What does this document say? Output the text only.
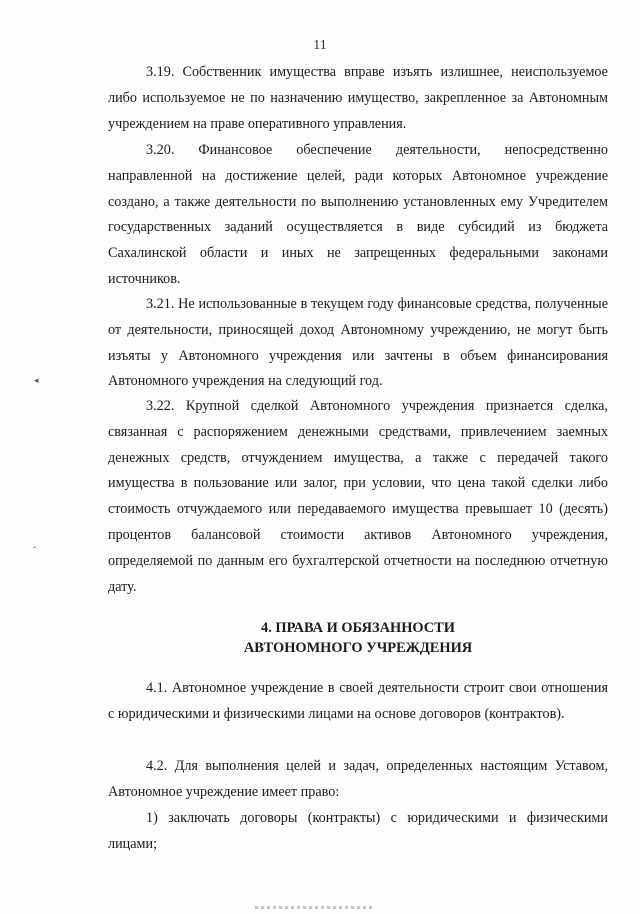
11

3.19. Собственник имущества вправе изъять излишнее, неиспользуемое либо используемое не по назначению имущество, закрепленное за Автономным учреждением на праве оперативного управления.

3.20. Финансовое обеспечение деятельности, непосредственно направленной на достижение целей, ради которых Автономное учреждение создано, а также деятельности по выполнению установленных ему Учредителем государственных заданий осуществляется в виде субсидий из бюджета Сахалинской области и иных не запрещенных федеральными законами источников.

3.21. Не использованные в текущем году финансовые средства, полученные от деятельности, приносящей доход Автономному учреждению, не могут быть изъяты у Автономного учреждения или зачтены в объем финансирования Автономного учреждения на следующий год.

3.22. Крупной сделкой Автономного учреждения признается сделка, связанная с распоряжением денежными средствами, привлечением заемных денежных средств, отчуждением имущества, а также с передачей такого имущества в пользование или залог, при условии, что цена такой сделки либо стоимость отчуждаемого или передаваемого имущества превышает 10 (десять) процентов балансовой стоимости активов Автономного учреждения, определяемой по данным его бухгалтерской отчетности на последнюю отчетную дату.

4. ПРАВА И ОБЯЗАННОСТИ
АВТОНОМНОГО УЧРЕЖДЕНИЯ

4.1. Автономное учреждение в своей деятельности строит свои отношения с юридическими и физическими лицами на основе договоров (контрактов).

4.2. Для выполнения целей и задач, определенных настоящим Уставом, Автономное учреждение имеет право:

1) заключать договоры (контракты) с юридическими и физическими лицами;

◂
ˇ
